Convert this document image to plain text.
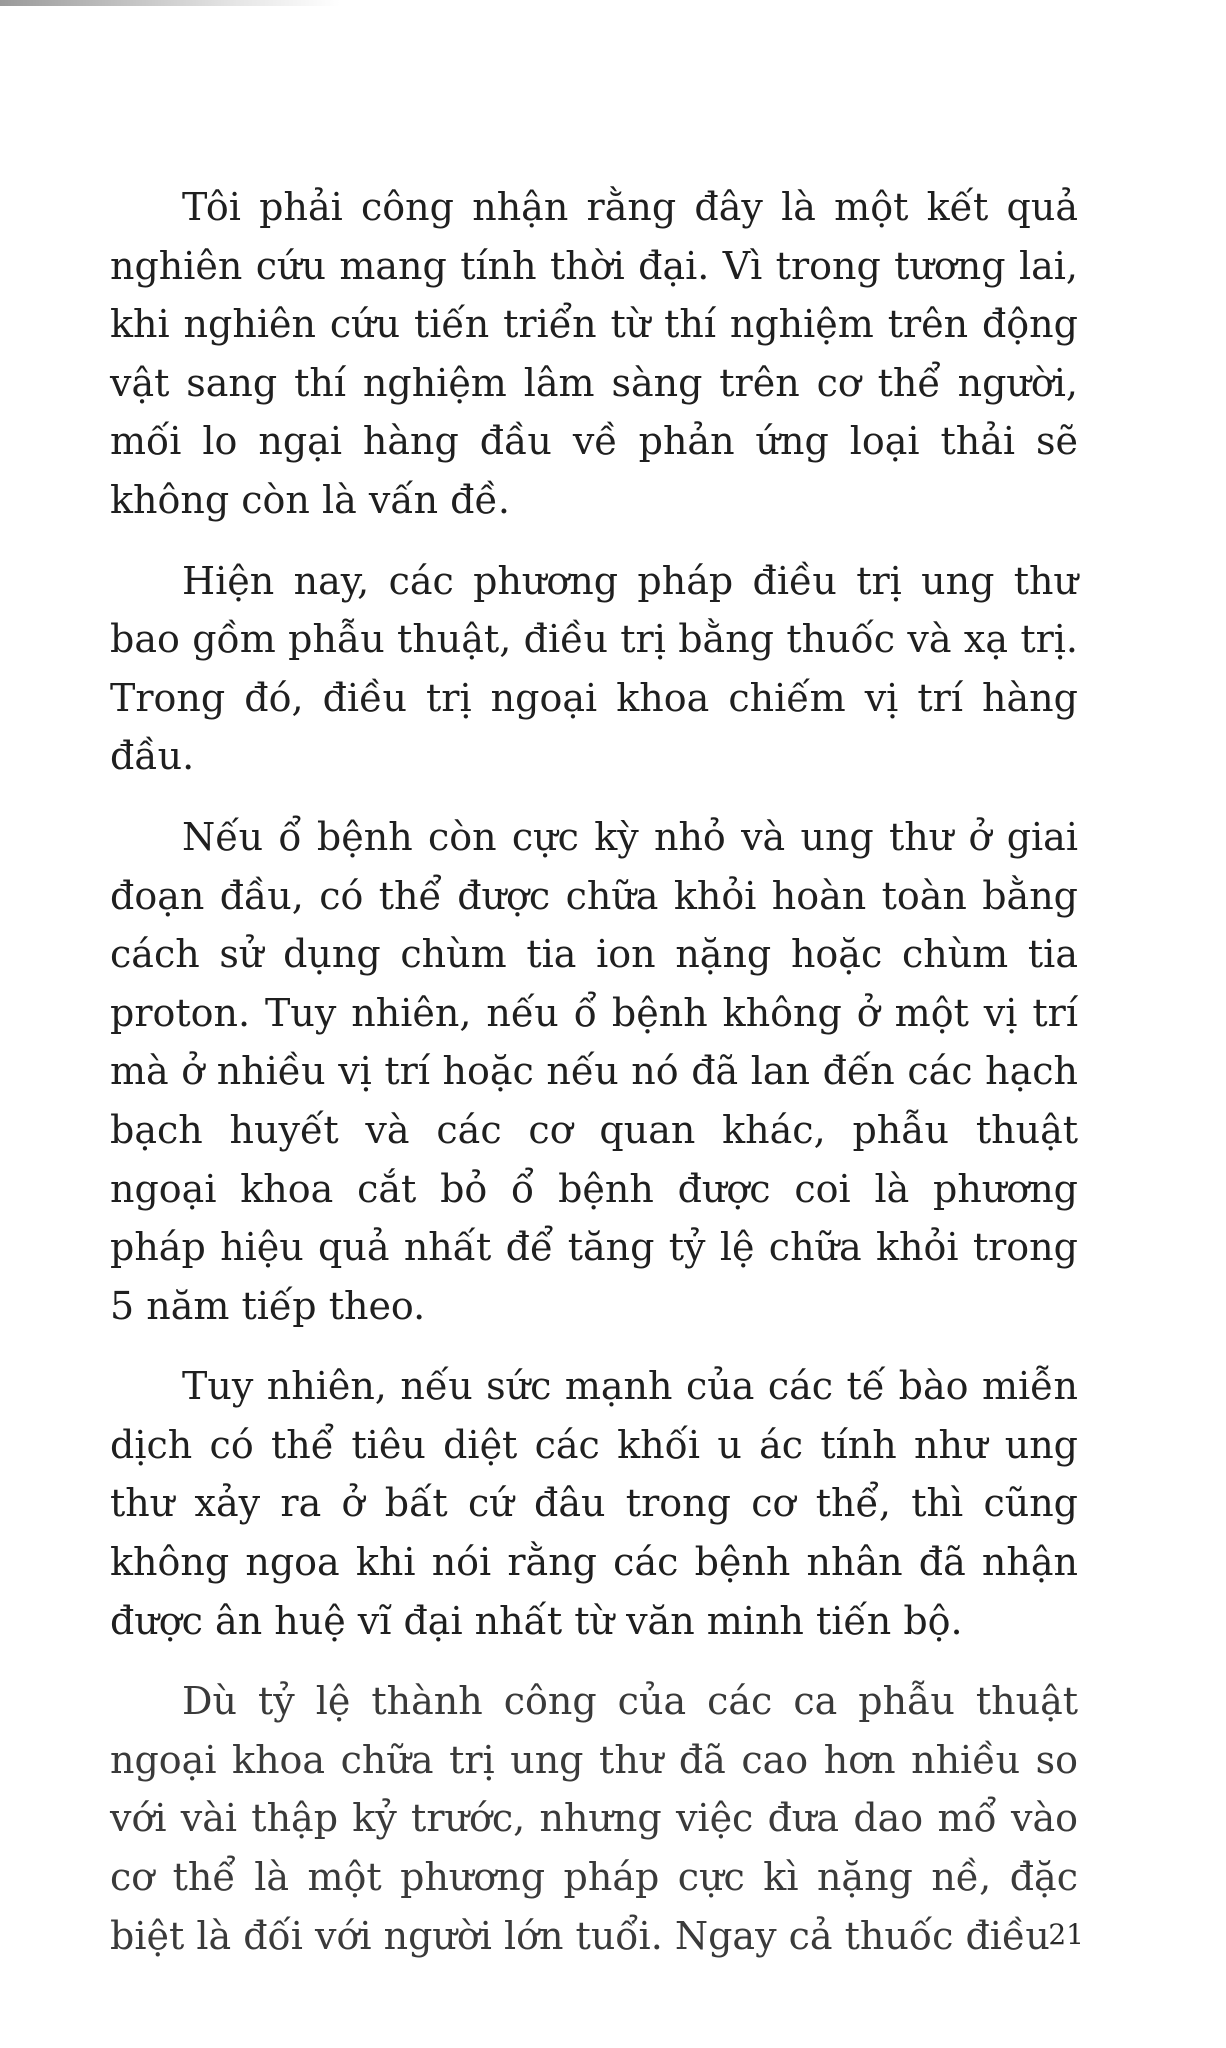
Tôi phải công nhận rằng đây là một kết quả nghiên cứu mang tính thời đại. Vì trong tương lai, khi nghiên cứu tiến triển từ thí nghiệm trên động vật sang thí nghiệm lâm sàng trên cơ thể người, mối lo ngại hàng đầu về phản ứng loại thải sẽ không còn là vấn đề.

Hiện nay, các phương pháp điều trị ung thư bao gồm phẫu thuật, điều trị bằng thuốc và xạ trị. Trong đó, điều trị ngoại khoa chiếm vị trí hàng đầu.

Nếu ổ bệnh còn cực kỳ nhỏ và ung thư ở giai đoạn đầu, có thể được chữa khỏi hoàn toàn bằng cách sử dụng chùm tia ion nặng hoặc chùm tia proton. Tuy nhiên, nếu ổ bệnh không ở một vị trí mà ở nhiều vị trí hoặc nếu nó đã lan đến các hạch bạch huyết và các cơ quan khác, phẫu thuật ngoại khoa cắt bỏ ổ bệnh được coi là phương pháp hiệu quả nhất để tăng tỷ lệ chữa khỏi trong 5 năm tiếp theo.

Tuy nhiên, nếu sức mạnh của các tế bào miễn dịch có thể tiêu diệt các khối u ác tính như ung thư xảy ra ở bất cứ đâu trong cơ thể, thì cũng không ngoa khi nói rằng các bệnh nhân đã nhận được ân huệ vĩ đại nhất từ văn minh tiến bộ.

Dù tỷ lệ thành công của các ca phẫu thuật ngoại khoa chữa trị ung thư đã cao hơn nhiều so với vài thập kỷ trước, nhưng việc đưa dao mổ vào cơ thể là một phương pháp cực kì nặng nề, đặc biệt là đối với người lớn tuổi. Ngay cả thuốc điều

21
